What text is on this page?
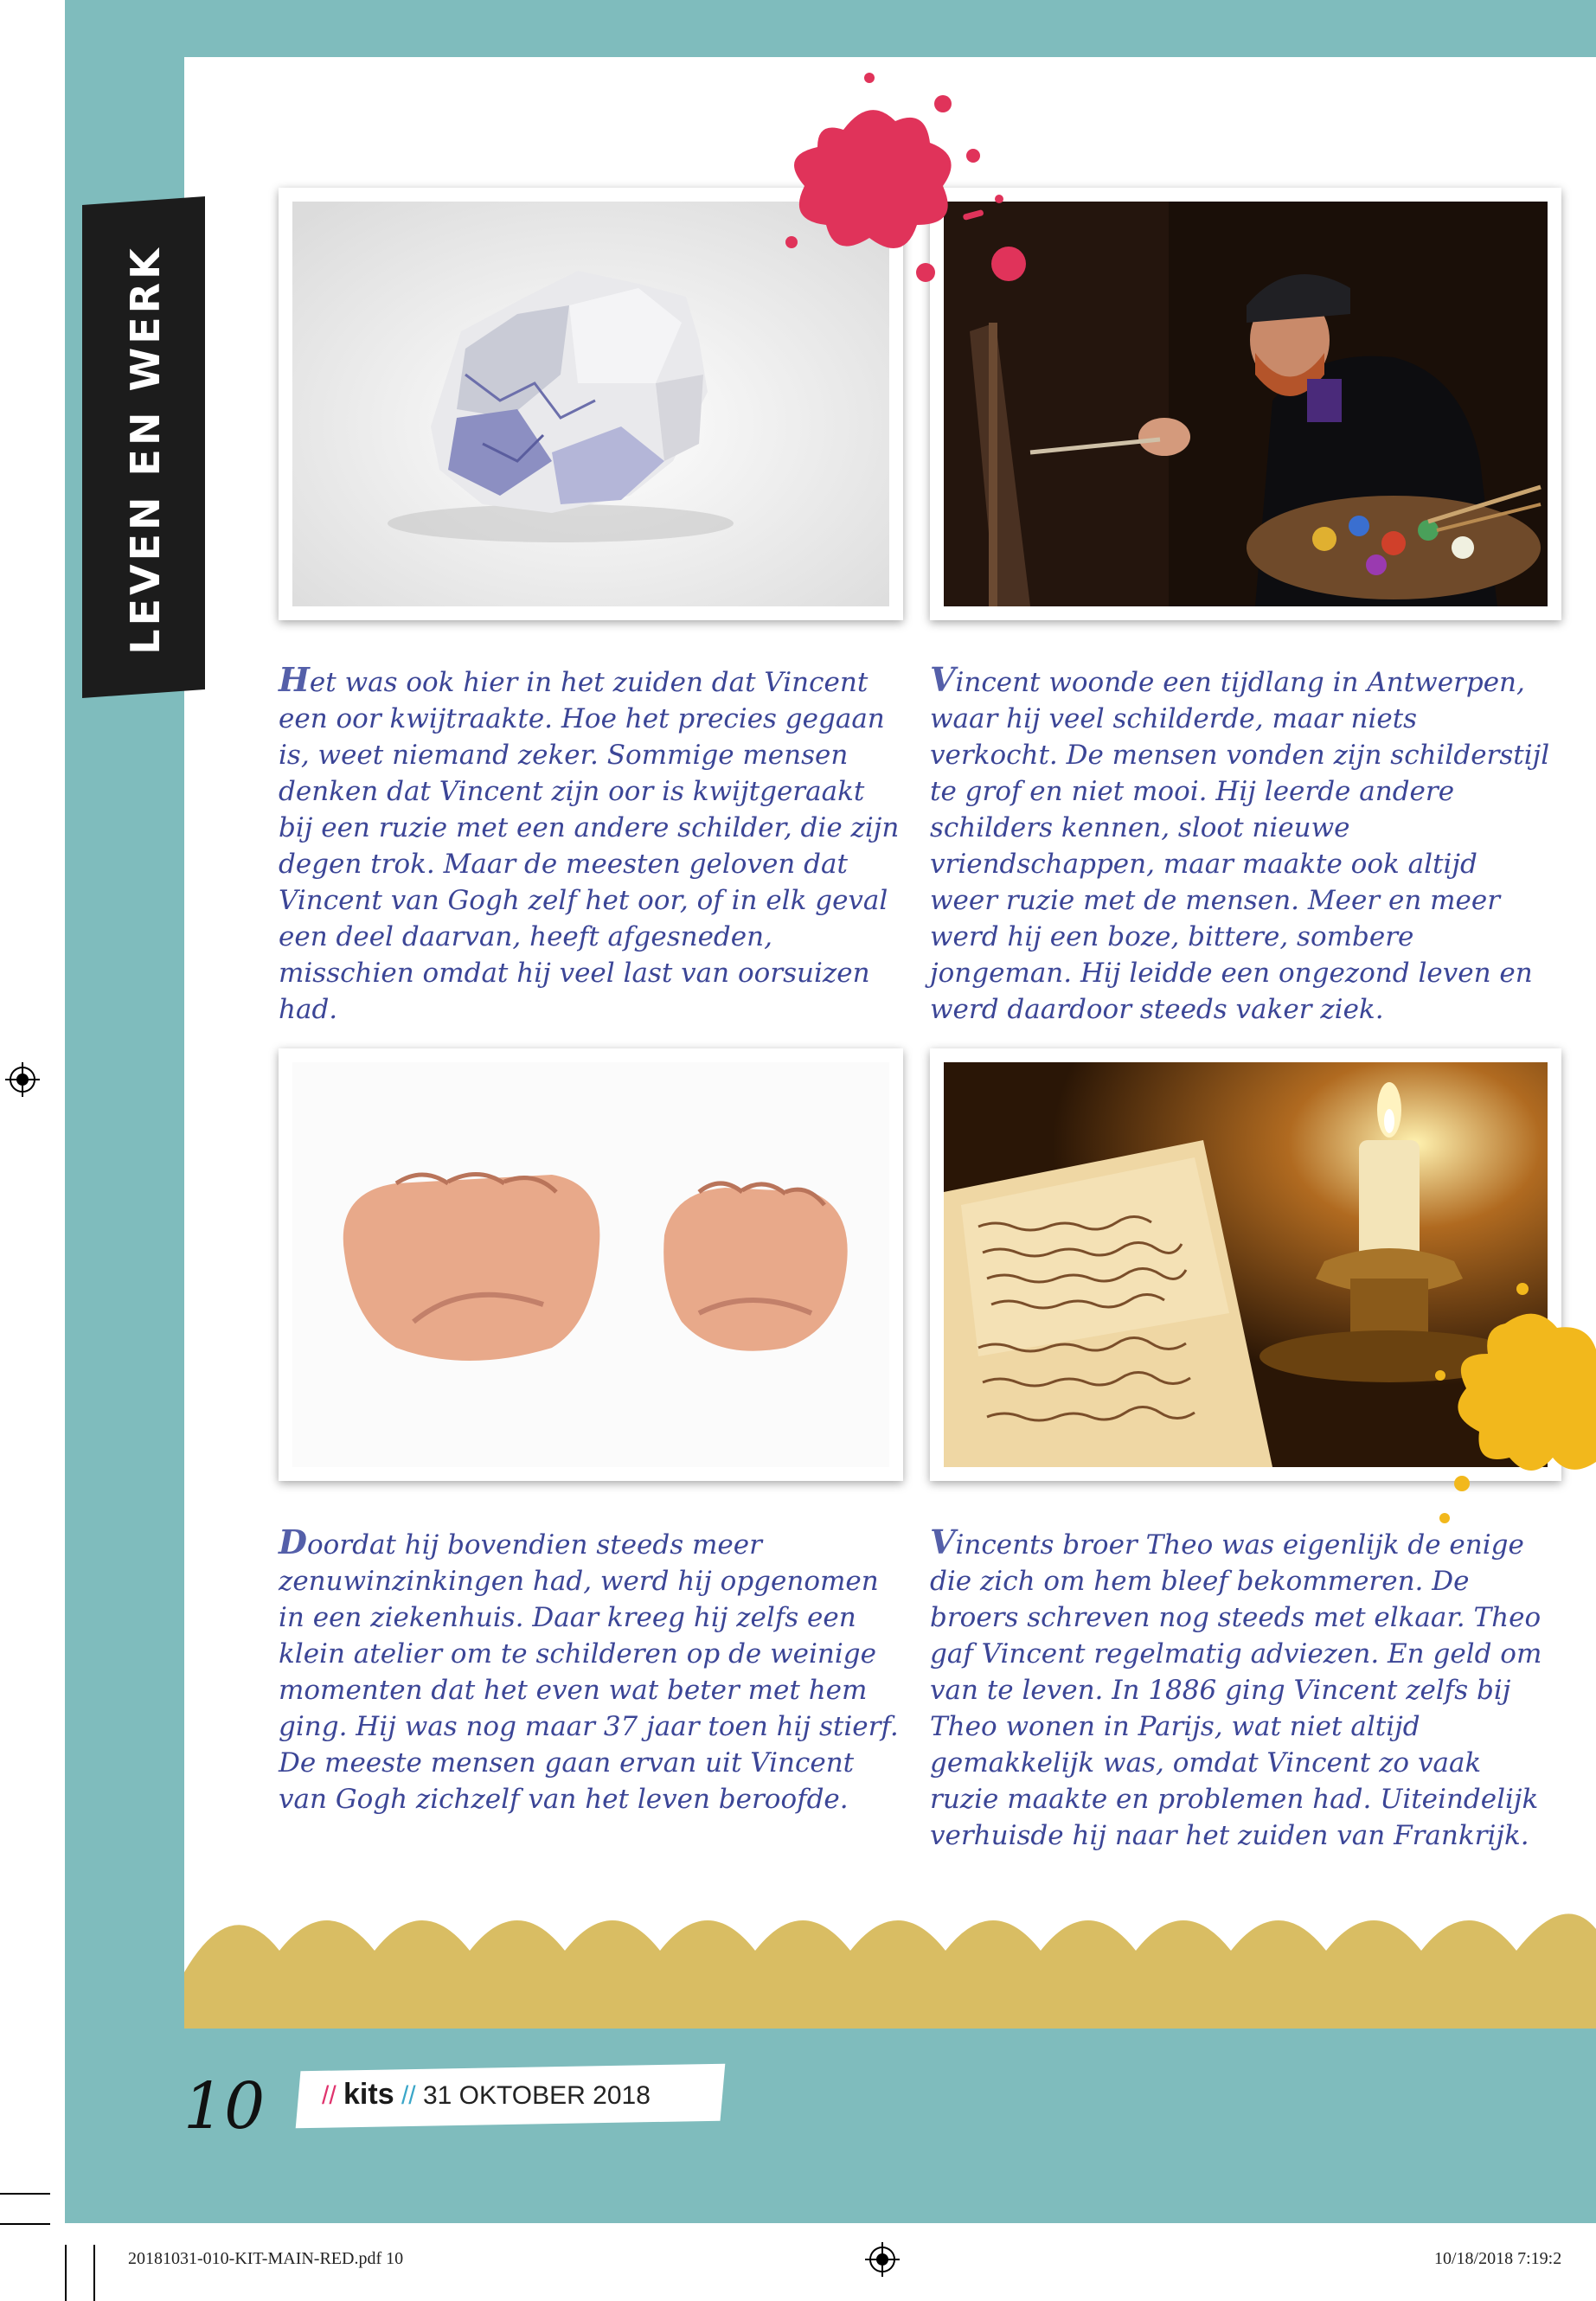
LEVEN EN WERK

Het was ook hier in het zuiden dat Vincent een oor kwijtraakte. Hoe het precies gegaan is, weet niemand zeker. Sommige mensen denken dat Vincent zijn oor is kwijtgeraakt bij een ruzie met een andere schilder, die zijn degen trok. Maar de meesten geloven dat Vincent van Gogh zelf het oor, of in elk geval een deel daarvan, heeft afgesneden, misschien omdat hij veel last van oorsuizen had.

Vincent woonde een tijdlang in Antwerpen, waar hij veel schilderde, maar niets verkocht. De mensen vonden zijn schilderstijl te grof en niet mooi. Hij leerde andere schilders kennen, sloot nieuwe vriendschappen, maar maakte ook altijd weer ruzie met de mensen. Meer en meer werd hij een boze, bittere, sombere jongeman. Hij leidde een ongezond leven en werd daardoor steeds vaker ziek.

Doordat hij bovendien steeds meer zenuwinzinkingen had, werd hij opgenomen in een ziekenhuis. Daar kreeg hij zelfs een klein atelier om te schilderen op de weinige momenten dat het even wat beter met hem ging. Hij was nog maar 37 jaar toen hij stierf. De meeste mensen gaan ervan uit Vincent van Gogh zichzelf van het leven beroofde.

Vincents broer Theo was eigenlijk de enige die zich om hem bleef bekommeren. De broers schreven nog steeds met elkaar. Theo gaf Vincent regelmatig adviezen. En geld om van te leven. In 1886 ging Vincent zelfs bij Theo wonen in Parijs, wat niet altijd gemakkelijk was, omdat Vincent zo vaak ruzie maakte en problemen had. Uiteindelijk verhuisde hij naar het zuiden van Frankrijk.

10 // kits // 31 OKTOBER 2018
20181031-010-KIT-MAIN-RED.pdf 10	10/18/2018 7:19:2
